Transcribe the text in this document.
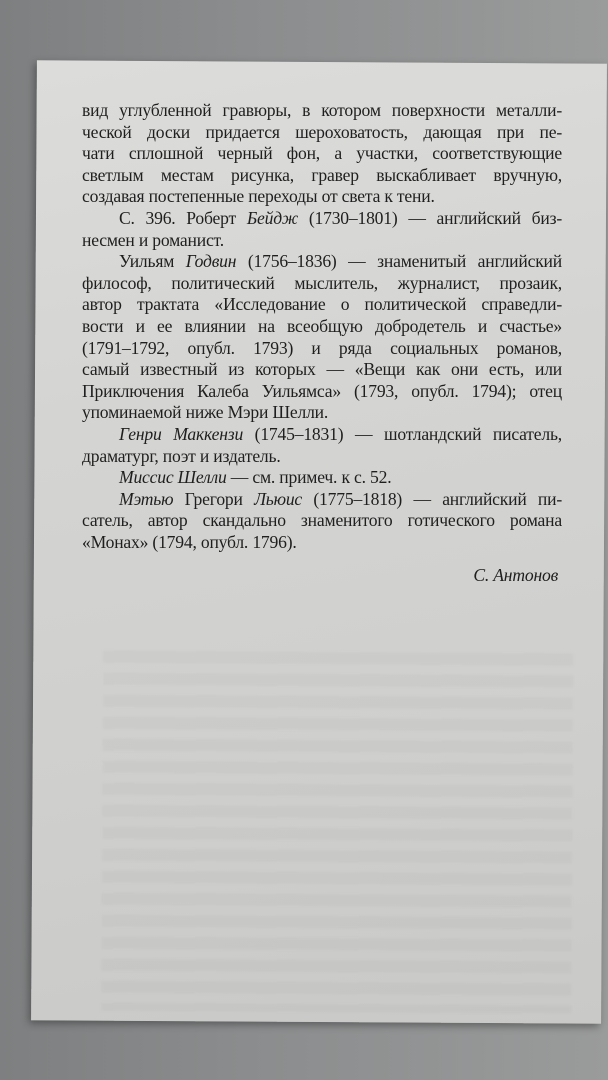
вид углубленной гравюры, в котором поверхности металли-
ческой доски придается шероховатость, дающая при пе-
чати сплошной черный фон, а участки, соответствующие
светлым местам рисунка, гравер выскабливает вручную,
создавая постепенные переходы от света к тени.
С. 396. Роберт Бейдж (1730–1801) — английский биз-
несмен и романист.
Уильям Годвин (1756–1836) — знаменитый английский
философ, политический мыслитель, журналист, прозаик,
автор трактата «Исследование о политической справедли-
вости и ее влиянии на всеобщую добродетель и счастье»
(1791–1792, опубл. 1793) и ряда социальных романов,
самый известный из которых — «Вещи как они есть, или
Приключения Калеба Уильямса» (1793, опубл. 1794); отец
упоминаемой ниже Мэри Шелли.
Генри Маккензи (1745–1831) — шотландский писатель,
драматург, поэт и издатель.
Миссис Шелли — см. примеч. к с. 52.
Мэтью Грегори Льюис (1775–1818) — английский пи-
сатель, автор скандально знаменитого готического романа
«Монах» (1794, опубл. 1796).
С. Антонов
